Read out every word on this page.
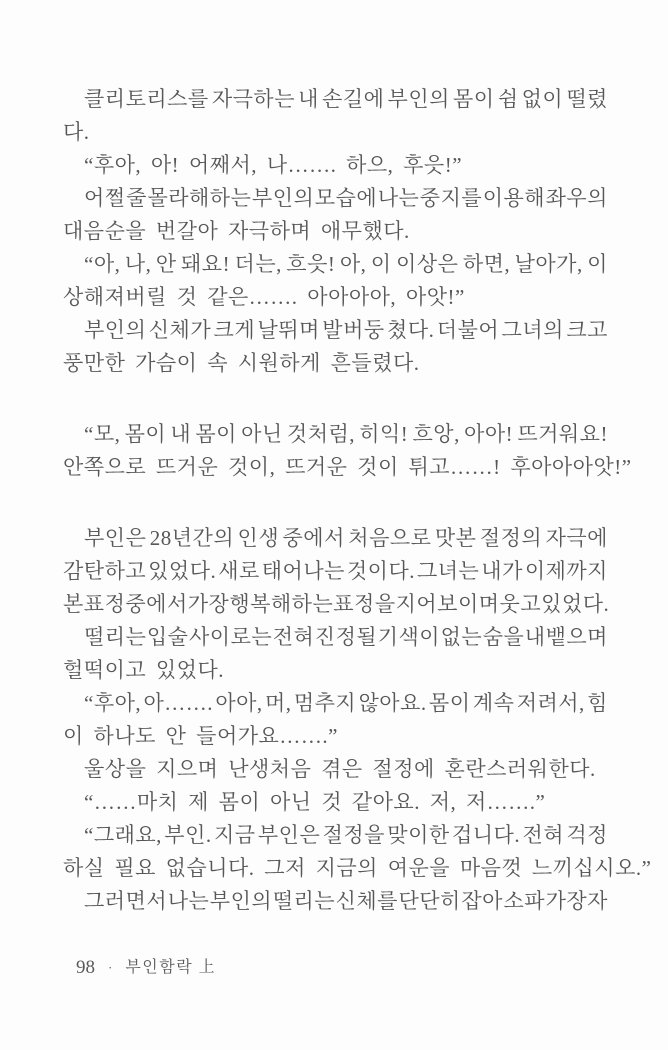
클리토리스를 자극하는 내 손길에 부인의 몸이 쉼 없이 떨렸
다.
“후아, 아! 어째서, 나……. 하으, 후읏!”
어쩔 줄 몰라해하는 부인의 모습에 나는 중지를 이용해 좌우의
대음순을 번갈아 자극하며 애무했다.
“아, 나, 안 돼요! 더는, 흐읏! 아, 이 이상은 하면, 날아가, 이
상해져버릴 것 같은……. 아아아아, 아앗!”
부인의 신체가 크게 날뛰며 발버둥 쳤다. 더불어 그녀의 크고
풍만한 가슴이 속 시원하게 흔들렸다.
“모, 몸이 내 몸이 아닌 것처럼, 히익! 흐앙, 아아! 뜨거워요!
안쪽으로 뜨거운 것이, 뜨거운 것이 튀고……! 후아아아앗!”
부인은 28년간의 인생 중에서 처음으로 맛본 절정의 자극에
감탄하고 있었다. 새로 태어나는 것이다. 그녀는 내가 이제까지
본 표정 중에서 가장 행복해하는 표정을 지어보이며 웃고 있었다.
떨리는 입술 사이로는 전혀 진정될 기색이 없는 숨을 내뱉으며
헐떡이고 있었다.
“후아, 아……. 아아, 머, 멈추지 않아요. 몸이 계속 저려서, 힘
이 하나도 안 들어가요…….”
울상을 지으며 난생처음 겪은 절정에 혼란스러워한다.
“……마치 제 몸이 아닌 것 같아요. 저, 저…….”
“그래요, 부인. 지금 부인은 절정을 맞이한 겁니다. 전혀 걱정
하실 필요 없습니다. 그저 지금의 여운을 마음껏 느끼십시오.”
그러면서 나는 부인의 떨리는 신체를 단단히 잡아 소파 가장자
98 · 부인함락 上
